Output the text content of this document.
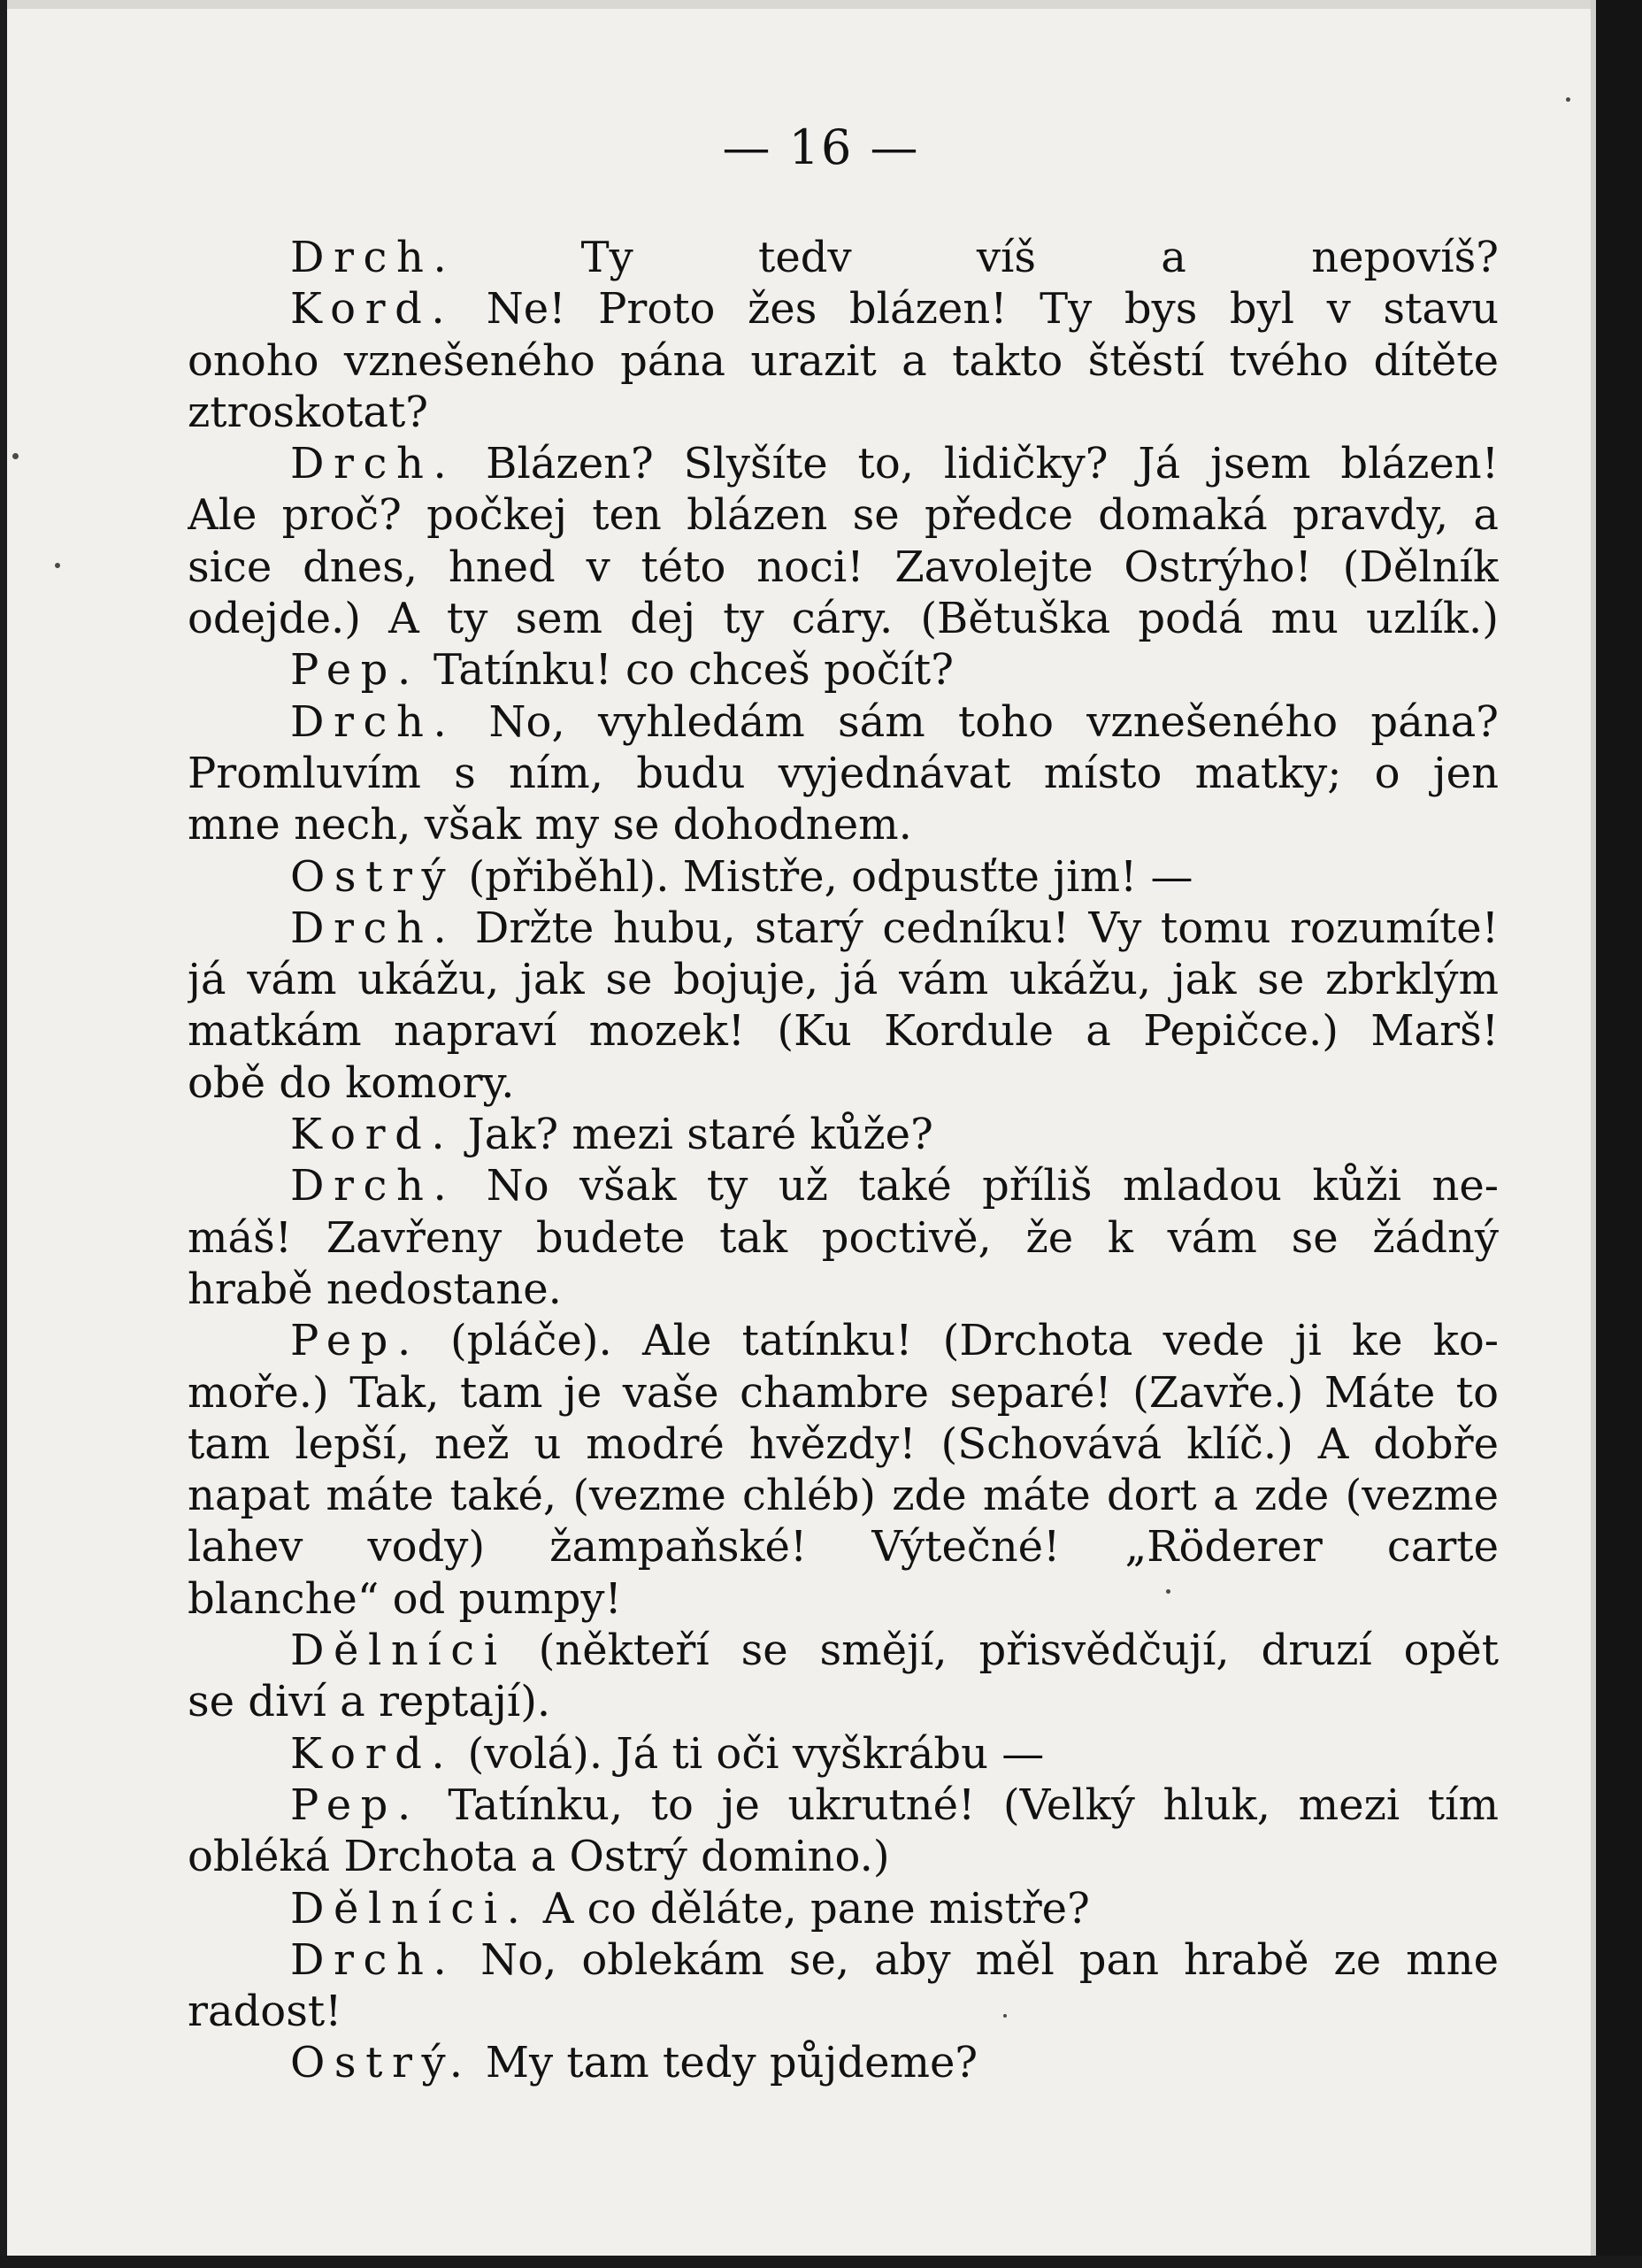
— 16 —
Drch. Ty tedv víš a nepovíš?
Kord. Ne! Proto žes blázen! Ty bys byl v stavu
onoho vznešeného pána urazit a takto štěstí tvého dítěte
ztroskotat?
Drch. Blázen? Slyšíte to, lidičky? Já jsem blázen!
Ale proč? počkej ten blázen se předce domaká pravdy, a
sice dnes, hned v této noci! Zavolejte Ostrýho! (Dělník
odejde.) A ty sem dej ty cáry. (Bětuška podá mu uzlík.)
Pep. Tatínku! co chceš počít?
Drch. No, vyhledám sám toho vznešeného pána?
Promluvím s ním, budu vyjednávat místo matky; o jen
mne nech, však my se dohodnem.
Ostrý (přiběhl). Mistře, odpusťte jim! —
Drch. Držte hubu, starý cedníku! Vy tomu rozumíte!
já vám ukážu, jak se bojuje, já vám ukážu, jak se zbrklým
matkám napraví mozek! (Ku Kordule a Pepičce.) Marš!
obě do komory.
Kord. Jak? mezi staré kůže?
Drch. No však ty už také příliš mladou kůži ne-
máš! Zavřeny budete tak poctivě, že k vám se žádný
hrabě nedostane.
Pep. (pláče). Ale tatínku! (Drchota vede ji ke ko-
moře.) Tak, tam je vaše chambre separé! (Zavře.) Máte to
tam lepší, než u modré hvězdy! (Schovává klíč.) A dobře
napat máte také, (vezme chléb) zde máte dort a zde (vezme
lahev vody) žampaňské! Výtečné! „Röderer carte
blanche“ od pumpy!
Dělníci (někteří se smějí, přisvědčují, druzí opět
se diví a reptají).
Kord. (volá). Já ti oči vyškrábu —
Pep. Tatínku, to je ukrutné! (Velký hluk, mezi tím
obléká Drchota a Ostrý domino.)
Dělníci. A co děláte, pane mistře?
Drch. No, oblekám se, aby měl pan hrabě ze mne
radost!
Ostrý. My tam tedy půjdeme?
